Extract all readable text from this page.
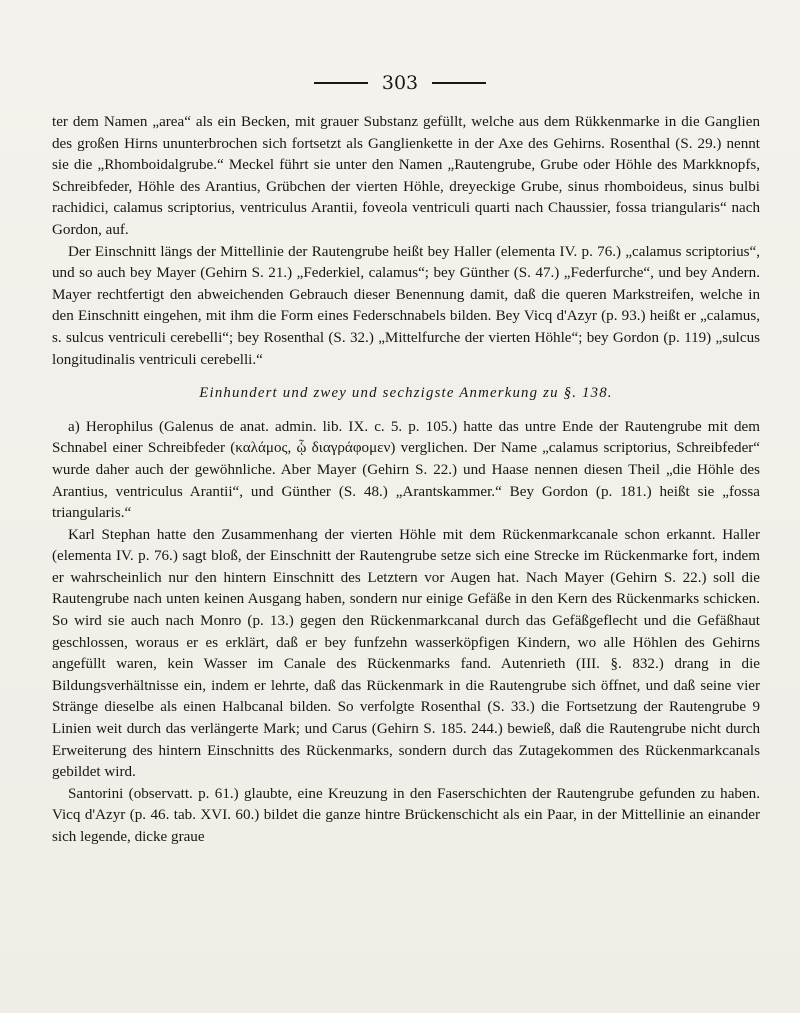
303

ter dem Namen „area“ als ein Becken, mit grauer Substanz gefüllt, welche aus dem Rükkenmarke in die Ganglien des großen Hirns ununterbrochen sich fortsetzt als Ganglienkette in der Axe des Gehirns. Rosenthal (S. 29.) nennt sie die „Rhomboidalgrube.“ Meckel führt sie unter den Namen „Rautengrube, Grube oder Höhle des Markknopfs, Schreibfeder, Höhle des Arantius, Grübchen der vierten Höhle, dreyeckige Grube, sinus rhomboideus, sinus bulbi rachidici, calamus scriptorius, ventriculus Arantii, foveola ventriculi quarti nach Chaussier, fossa triangularis“ nach Gordon, auf.

Der Einschnitt längs der Mittellinie der Rautengrube heißt bey Haller (elementa IV. p. 76.) „calamus scriptorius“, und so auch bey Mayer (Gehirn S. 21.) „Federkiel, calamus“; bey Günther (S. 47.) „Federfurche“, und bey Andern. Mayer rechtfertigt den abweichenden Gebrauch dieser Benennung damit, daß die queren Markstreifen, welche in den Einschnitt eingehen, mit ihm die Form eines Federschnabels bilden. Bey Vicq d'Azyr (p. 93.) heißt er „calamus, s. sulcus ventriculi cerebelli“; bey Rosenthal (S. 32.) „Mittelfurche der vierten Höhle“; bey Gordon (p. 119) „sulcus longitudinalis ventriculi cerebelli.“

Einhundert und zwey und sechzigste Anmerkung zu §. 138.

a) Herophilus (Galenus de anat. admin. lib. IX. c. 5. p. 105.) hatte das untre Ende der Rautengrube mit dem Schnabel einer Schreibfeder (καλάμος, ᾧ διαγράφομεν) verglichen. Der Name „calamus scriptorius, Schreibfeder“ wurde daher auch der gewöhnliche. Aber Mayer (Gehirn S. 22.) und Haase nennen diesen Theil „die Höhle des Arantius, ventriculus Arantii“, und Günther (S. 48.) „Arantskammer.“ Bey Gordon (p. 181.) heißt sie „fossa triangularis.“

Karl Stephan hatte den Zusammenhang der vierten Höhle mit dem Rückenmarkcanale schon erkannt. Haller (elementa IV. p. 76.) sagt bloß, der Einschnitt der Rautengrube setze sich eine Strecke im Rückenmarke fort, indem er wahrscheinlich nur den hintern Einschnitt des Letztern vor Augen hat. Nach Mayer (Gehirn S. 22.) soll die Rautengrube nach unten keinen Ausgang haben, sondern nur einige Gefäße in den Kern des Rückenmarks schicken. So wird sie auch nach Monro (p. 13.) gegen den Rückenmarkcanal durch das Gefäßgeflecht und die Gefäßhaut geschlossen, woraus er es erklärt, daß er bey funfzehn wasserköpfigen Kindern, wo alle Höhlen des Gehirns angefüllt waren, kein Wasser im Canale des Rückenmarks fand. Autenrieth (III. §. 832.) drang in die Bildungsverhältnisse ein, indem er lehrte, daß das Rückenmark in die Rautengrube sich öffnet, und daß seine vier Stränge dieselbe als einen Halbcanal bilden. So verfolgte Rosenthal (S. 33.) die Fortsetzung der Rautengrube 9 Linien weit durch das verlängerte Mark; und Carus (Gehirn S. 185. 244.) bewieß, daß die Rautengrube nicht durch Erweiterung des hintern Einschnitts des Rückenmarks, sondern durch das Zutagekommen des Rückenmarkcanals gebildet wird.

Santorini (observatt. p. 61.) glaubte, eine Kreuzung in den Faserschichten der Rautengrube gefunden zu haben. Vicq d'Azyr (p. 46. tab. XVI. 60.) bildet die ganze hintre Brückenschicht als ein Paar, in der Mittellinie an einander sich legende, dicke graue
